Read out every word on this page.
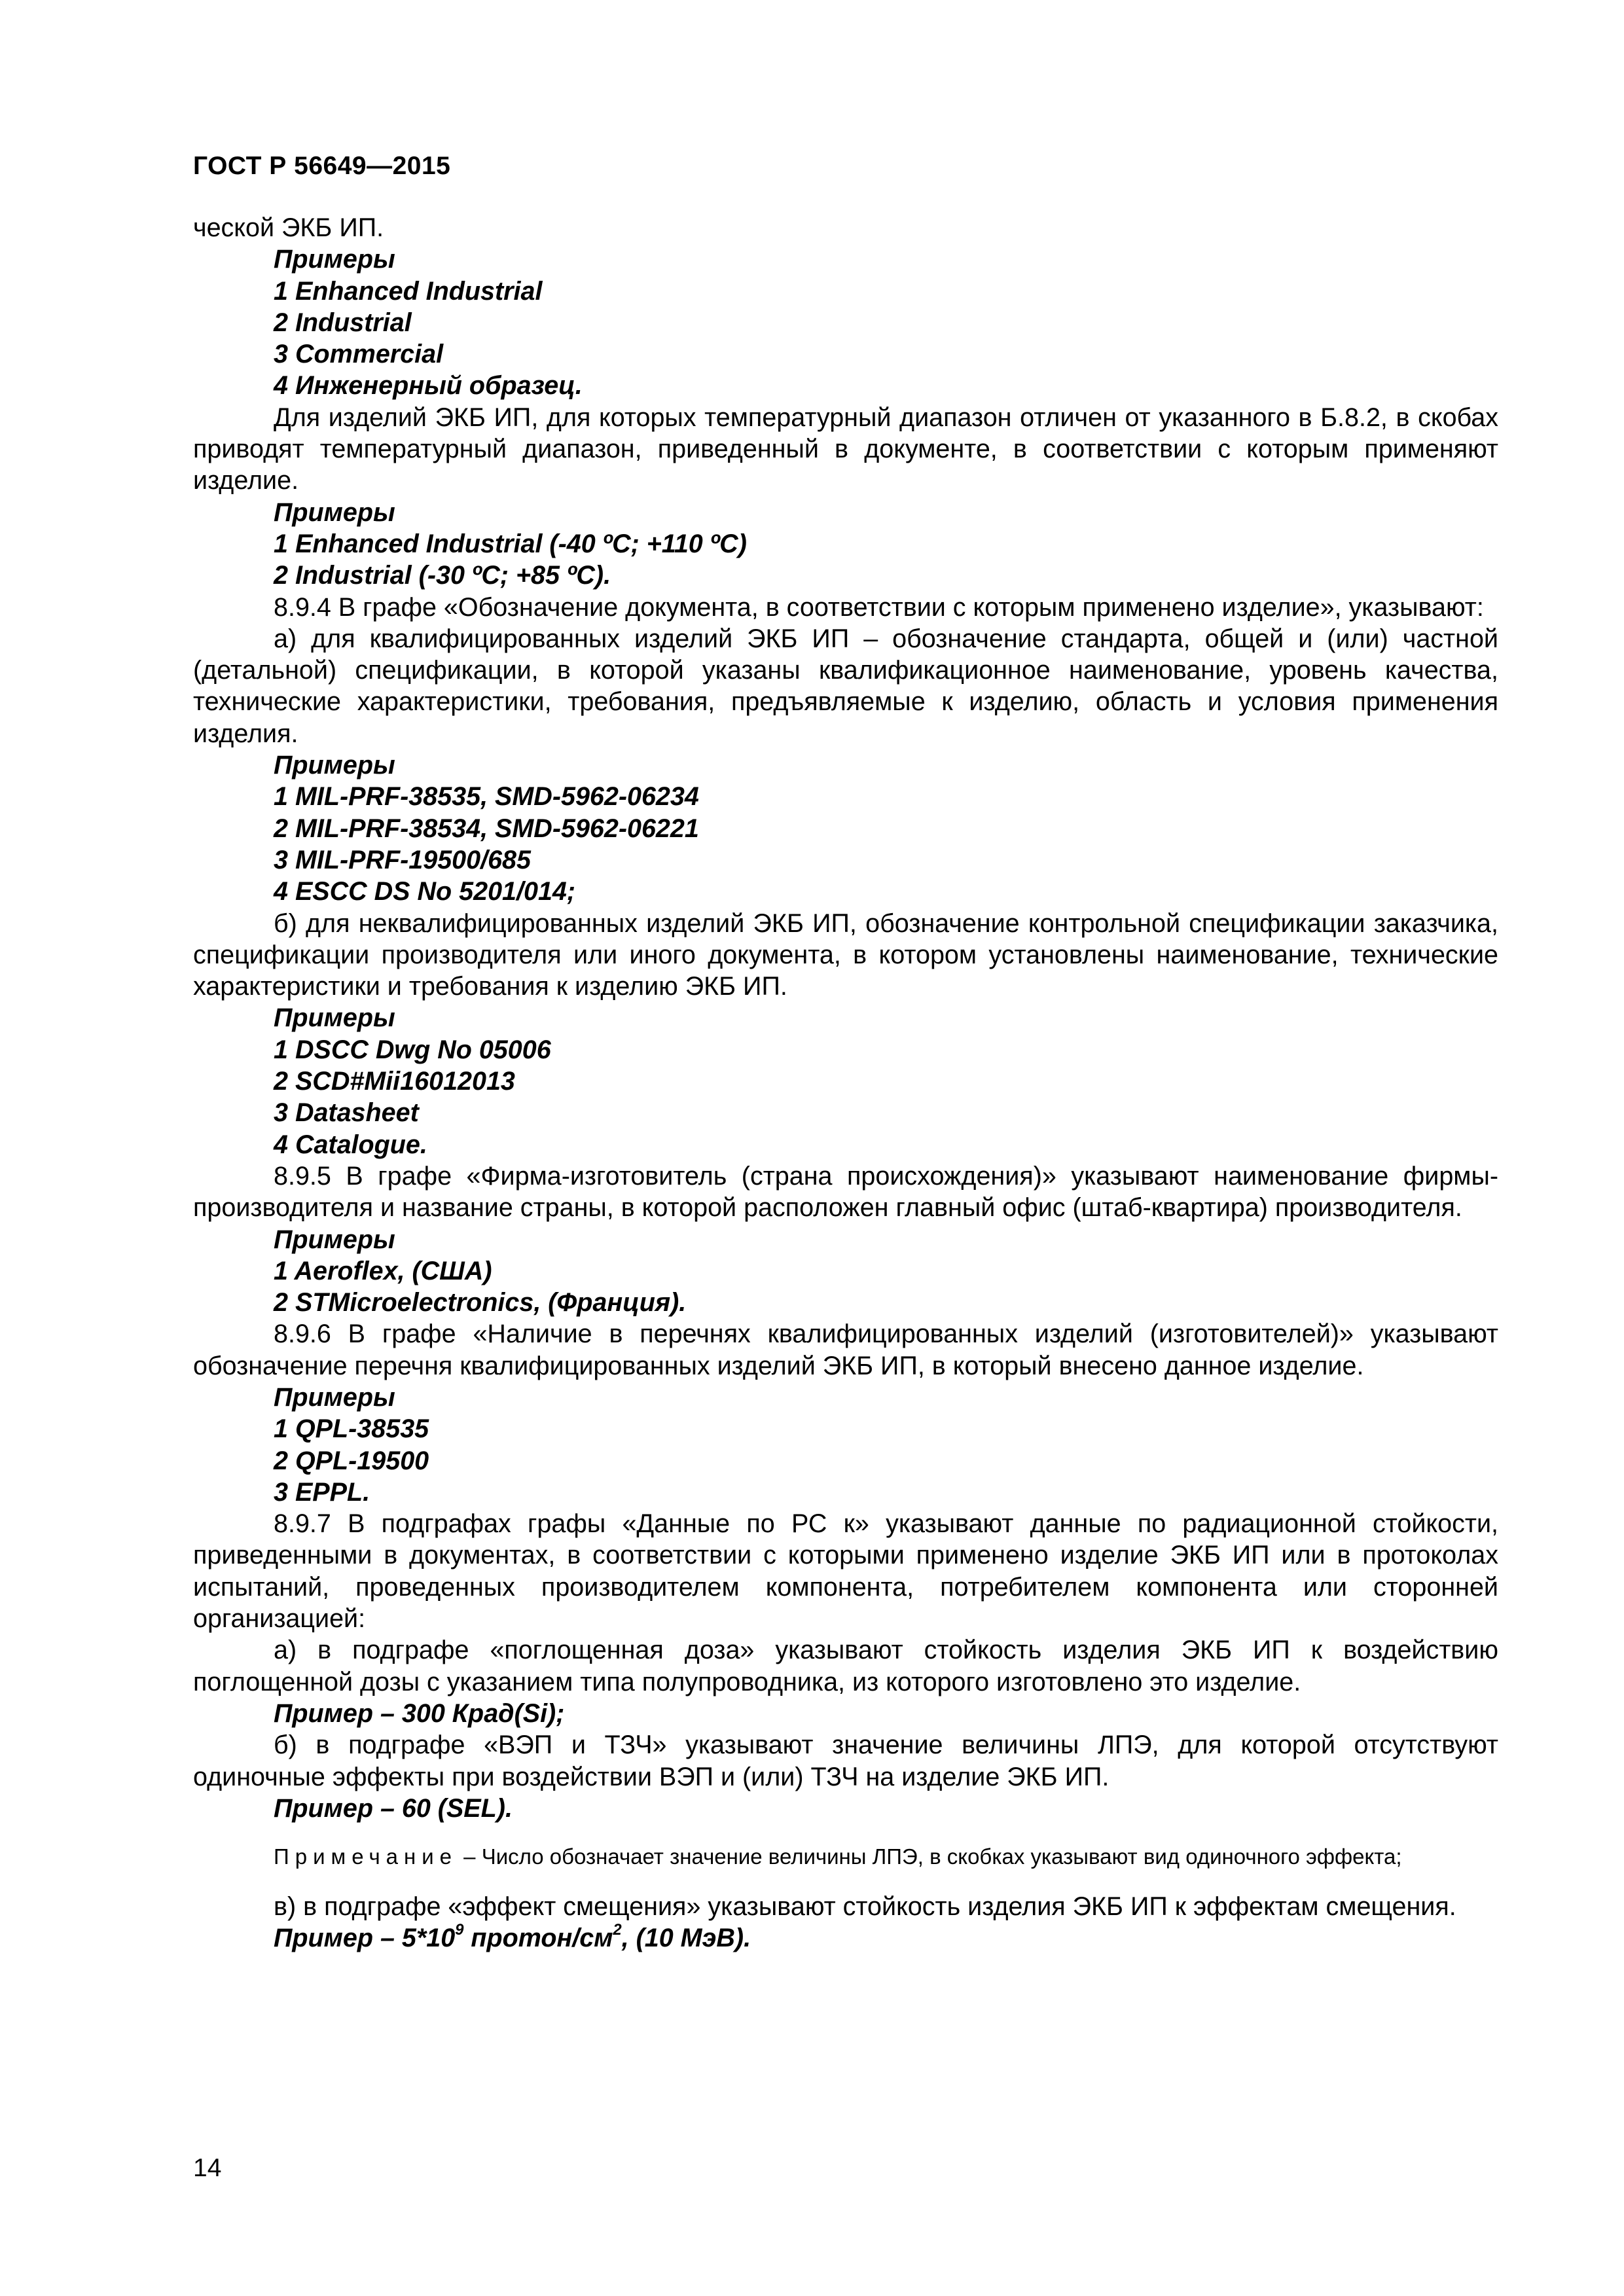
ГОСТ Р 56649—2015

ческой ЭКБ ИП.

Примеры

1 Enhanced Industrial

2 Industrial

3 Commercial

4 Инженерный образец.

Для изделий ЭКБ ИП, для которых температурный диапазон отличен от указанного в Б.8.2, в скобах приводят температурный диапазон, приведенный в документе, в соответствии с которым применяют изделие.

Примеры

1 Enhanced Industrial (-40 ºС; +110 ºС)

2 Industrial (-30 ºС; +85 ºС).

8.9.4 В графе «Обозначение документа, в соответствии с которым применено изделие», указывают:

а) для квалифицированных изделий ЭКБ ИП – обозначение стандарта, общей и (или) частной (детальной) спецификации, в которой указаны квалификационное наименование, уровень качества, технические характеристики, требования, предъявляемые к изделию, область и условия применения изделия.

Примеры

1 MIL-PRF-38535, SMD-5962-06234

2 MIL-PRF-38534, SMD-5962-06221

3 MIL-PRF-19500/685

4 ESCC DS No 5201/014;

б) для неквалифицированных изделий ЭКБ ИП, обозначение контрольной спецификации заказчика, спецификации производителя или иного документа, в котором установлены наименование, технические характеристики и требования к изделию ЭКБ ИП.

Примеры

1 DSCC Dwg No 05006

2 SCD#Mii16012013

3 Datasheet

4 Catalogue.

8.9.5 В графе «Фирма-изготовитель (страна происхождения)» указывают наименование фирмы-производителя и название страны, в которой расположен главный офис (штаб-квартира) производителя.

Примеры

1 Aeroflex, (США)

2 STMicroelectronics, (Франция).

8.9.6 В графе «Наличие в перечнях квалифицированных изделий (изготовителей)» указывают обозначение перечня квалифицированных изделий ЭКБ ИП, в который внесено данное изделие.

Примеры

1 QPL-38535

2 QPL-19500

3 EPPL.

8.9.7 В подграфах графы «Данные по РС к» указывают данные по радиационной стойкости, приведенными в документах, в соответствии с которыми применено изделие ЭКБ ИП или в протоколах испытаний, проведенных производителем компонента, потребителем компонента или сторонней организацией:

а) в подграфе «поглощенная доза» указывают стойкость изделия ЭКБ ИП к воздействию поглощенной дозы с указанием типа полупроводника, из которого изготовлено это изделие.

Пример – 300 Крад(Si);

б) в подграфе «ВЭП и ТЗЧ» указывают значение величины ЛПЭ, для которой отсутствуют одиночные эффекты при воздействии ВЭП и (или) ТЗЧ на изделие ЭКБ ИП.

Пример – 60 (SEL).

Примечание – Число обозначает значение величины ЛПЭ, в скобках указывают вид одиночного эффекта;

в) в подграфе «эффект смещения» указывают стойкость изделия ЭКБ ИП к эффектам смещения.

Пример – $5*10^9$ протон/$см^2$, (10 МэВ).

14
